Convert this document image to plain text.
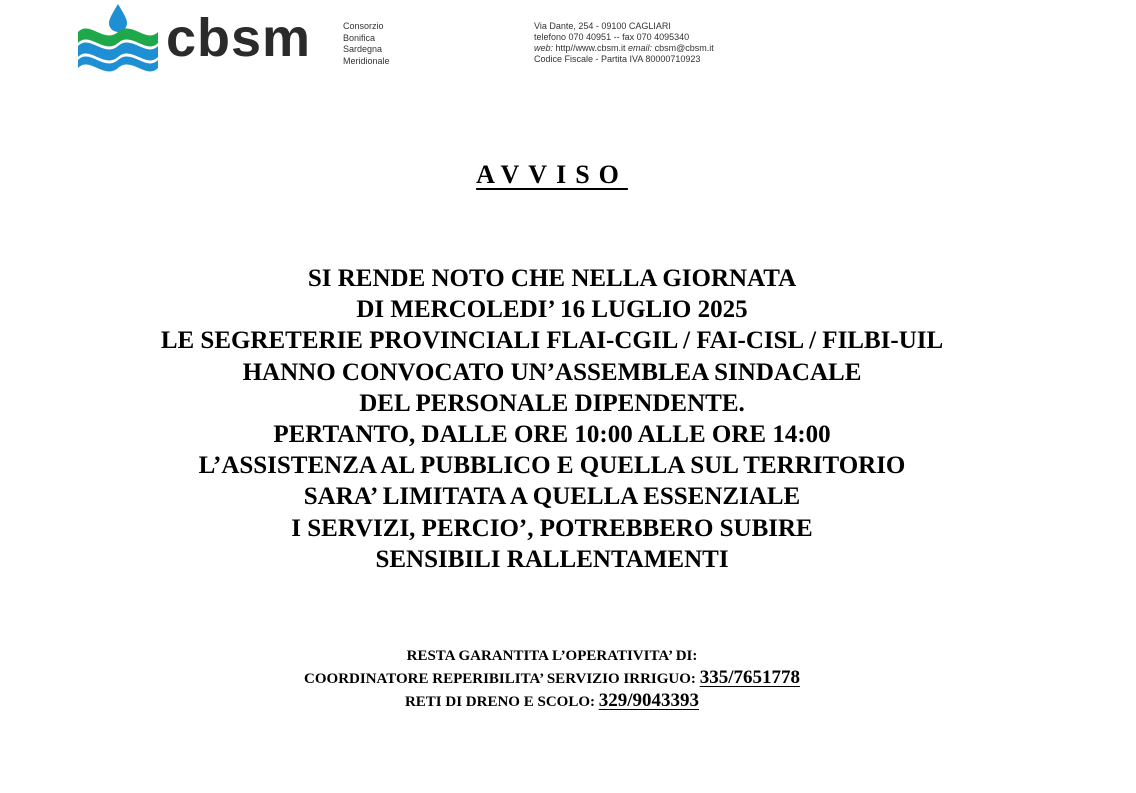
cbsm	Consorzio
Bonifica
Sardegna
Meridionale
Via Dante, 254 - 09100 CAGLIARI
telefono 070 40951 -- fax 070 4095340
web: http//www.cbsm.it email: cbsm@cbsm.it
Codice Fiscale - Partita IVA 80000710923
AVVISO
SI RENDE NOTO CHE NELLA GIORNATA
DI MERCOLEDI’ 16 LUGLIO 2025
LE SEGRETERIE PROVINCIALI FLAI-CGIL / FAI-CISL / FILBI-UIL
HANNO CONVOCATO UN’ASSEMBLEA SINDACALE
DEL PERSONALE DIPENDENTE.
PERTANTO, DALLE ORE 10:00 ALLE ORE 14:00
L’ASSISTENZA AL PUBBLICO E QUELLA SUL TERRITORIO
SARA’ LIMITATA A QUELLA ESSENZIALE
I SERVIZI, PERCIO’, POTREBBERO SUBIRE
SENSIBILI RALLENTAMENTI
RESTA GARANTITA L’OPERATIVITA’ DI:
COORDINATORE REPERIBILITA’ SERVIZIO IRRIGUO: 335/7651778
RETI DI DRENO E SCOLO: 329/9043393
